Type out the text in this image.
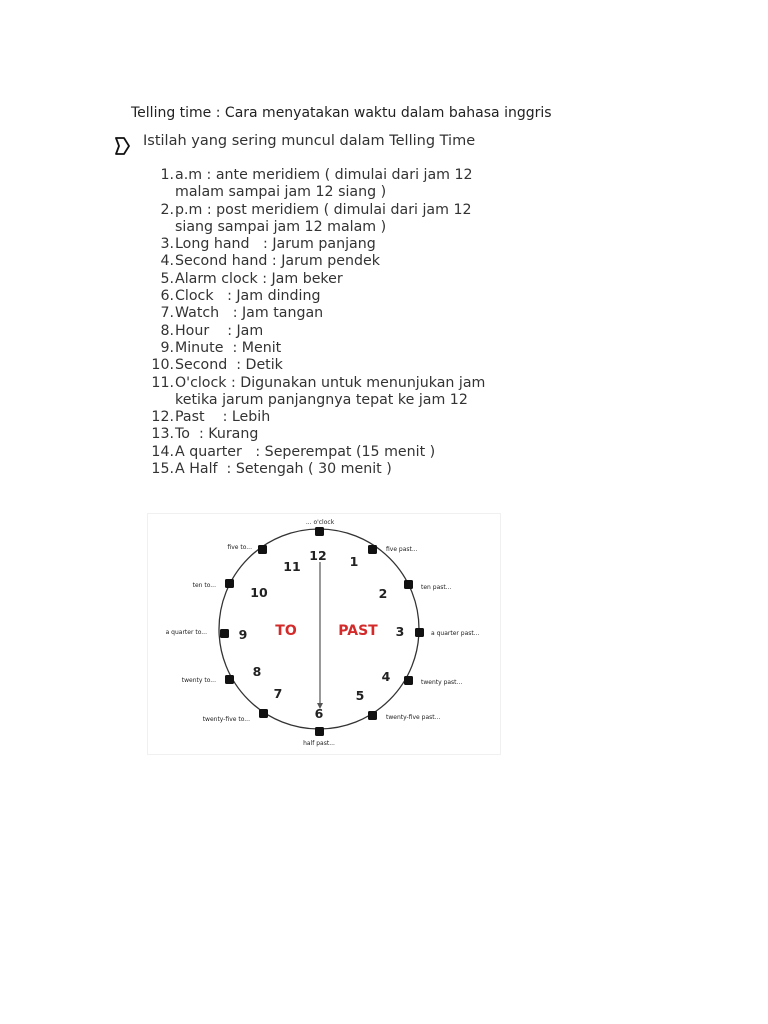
Telling time : Cara menyatakan waktu dalam bahasa inggris
Istilah yang sering muncul dalam Telling Time
1. a.m : ante meridiem ( dimulai dari jam 12
malam sampai jam 12 siang )
2. p.m : post meridiem ( dimulai dari jam 12
siang sampai jam 12 malam )
3. Long hand   : Jarum panjang
4. Second hand : Jarum pendek
5. Alarm clock : Jam beker
6. Clock   : Jam dinding
7. Watch   : Jam tangan
8. Hour    : Jam
9. Minute  : Menit
10. Second  : Detik
11. O'clock : Digunakan untuk menunjukan jam
ketika jarum panjangnya tepat ke jam 12
12. Past    : Lebih
13. To  : Kurang
14. A quarter   : Seperempat (15 menit )
15. A Half  : Setengah ( 30 menit )
12 1
2
3
4
5
6
7
8
9
10
11
TO	PAST
... o'clock
five past...
ten past...
a quarter past...
twenty past...
twenty-five past...
half past...
twenty-five to...
twenty to...
a quarter to...
ten to...
five to...
